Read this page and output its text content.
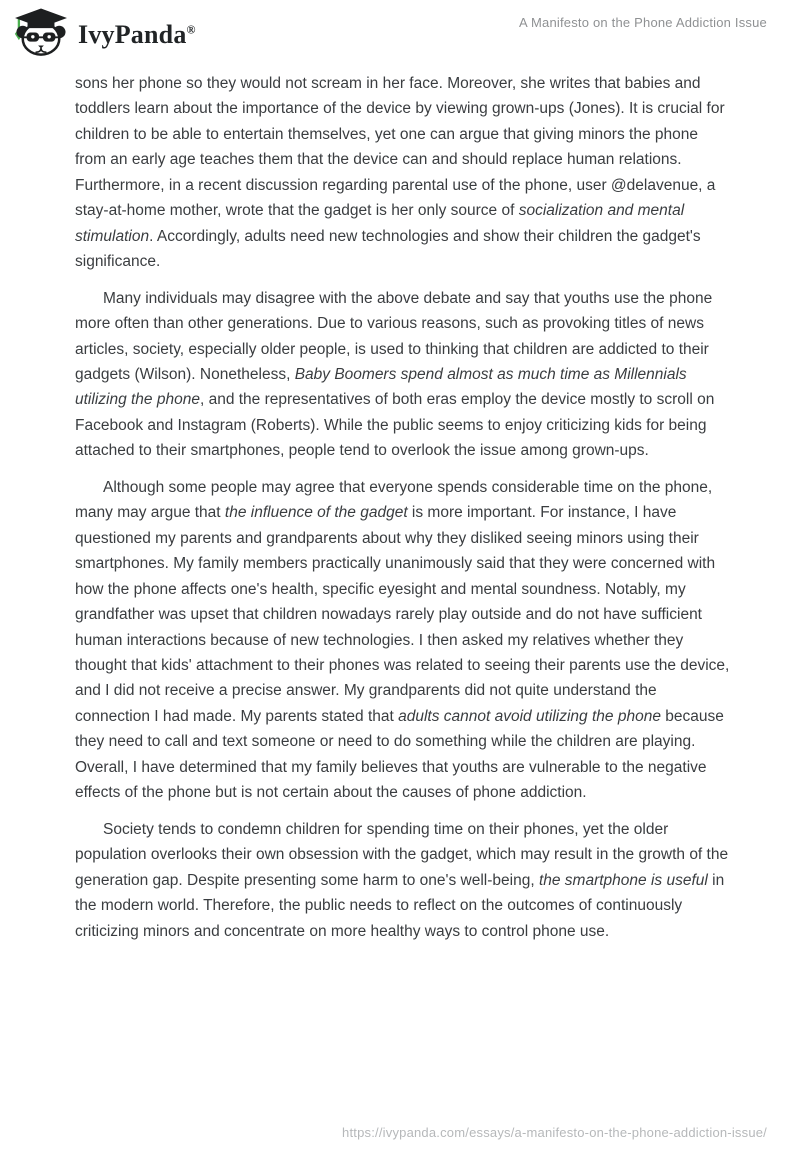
IvyPanda®	A Manifesto on the Phone Addiction Issue

sons her phone so they would not scream in her face. Moreover, she writes that babies and toddlers learn about the importance of the device by viewing grown-ups (Jones). It is crucial for children to be able to entertain themselves, yet one can argue that giving minors the phone from an early age teaches them that the device can and should replace human relations. Furthermore, in a recent discussion regarding parental use of the phone, user @delavenue, a stay-at-home mother, wrote that the gadget is her only source of socialization and mental stimulation. Accordingly, adults need new technologies and show their children the gadget's significance.

Many individuals may disagree with the above debate and say that youths use the phone more often than other generations. Due to various reasons, such as provoking titles of news articles, society, especially older people, is used to thinking that children are addicted to their gadgets (Wilson). Nonetheless, Baby Boomers spend almost as much time as Millennials utilizing the phone, and the representatives of both eras employ the device mostly to scroll on Facebook and Instagram (Roberts). While the public seems to enjoy criticizing kids for being attached to their smartphones, people tend to overlook the issue among grown-ups.

Although some people may agree that everyone spends considerable time on the phone, many may argue that the influence of the gadget is more important. For instance, I have questioned my parents and grandparents about why they disliked seeing minors using their smartphones. My family members practically unanimously said that they were concerned with how the phone affects one's health, specific eyesight and mental soundness. Notably, my grandfather was upset that children nowadays rarely play outside and do not have sufficient human interactions because of new technologies. I then asked my relatives whether they thought that kids' attachment to their phones was related to seeing their parents use the device, and I did not receive a precise answer. My grandparents did not quite understand the connection I had made. My parents stated that adults cannot avoid utilizing the phone because they need to call and text someone or need to do something while the children are playing. Overall, I have determined that my family believes that youths are vulnerable to the negative effects of the phone but is not certain about the causes of phone addiction.

Society tends to condemn children for spending time on their phones, yet the older population overlooks their own obsession with the gadget, which may result in the growth of the generation gap. Despite presenting some harm to one's well-being, the smartphone is useful in the modern world. Therefore, the public needs to reflect on the outcomes of continuously criticizing minors and concentrate on more healthy ways to control phone use.

https://ivypanda.com/essays/a-manifesto-on-the-phone-addiction-issue/
